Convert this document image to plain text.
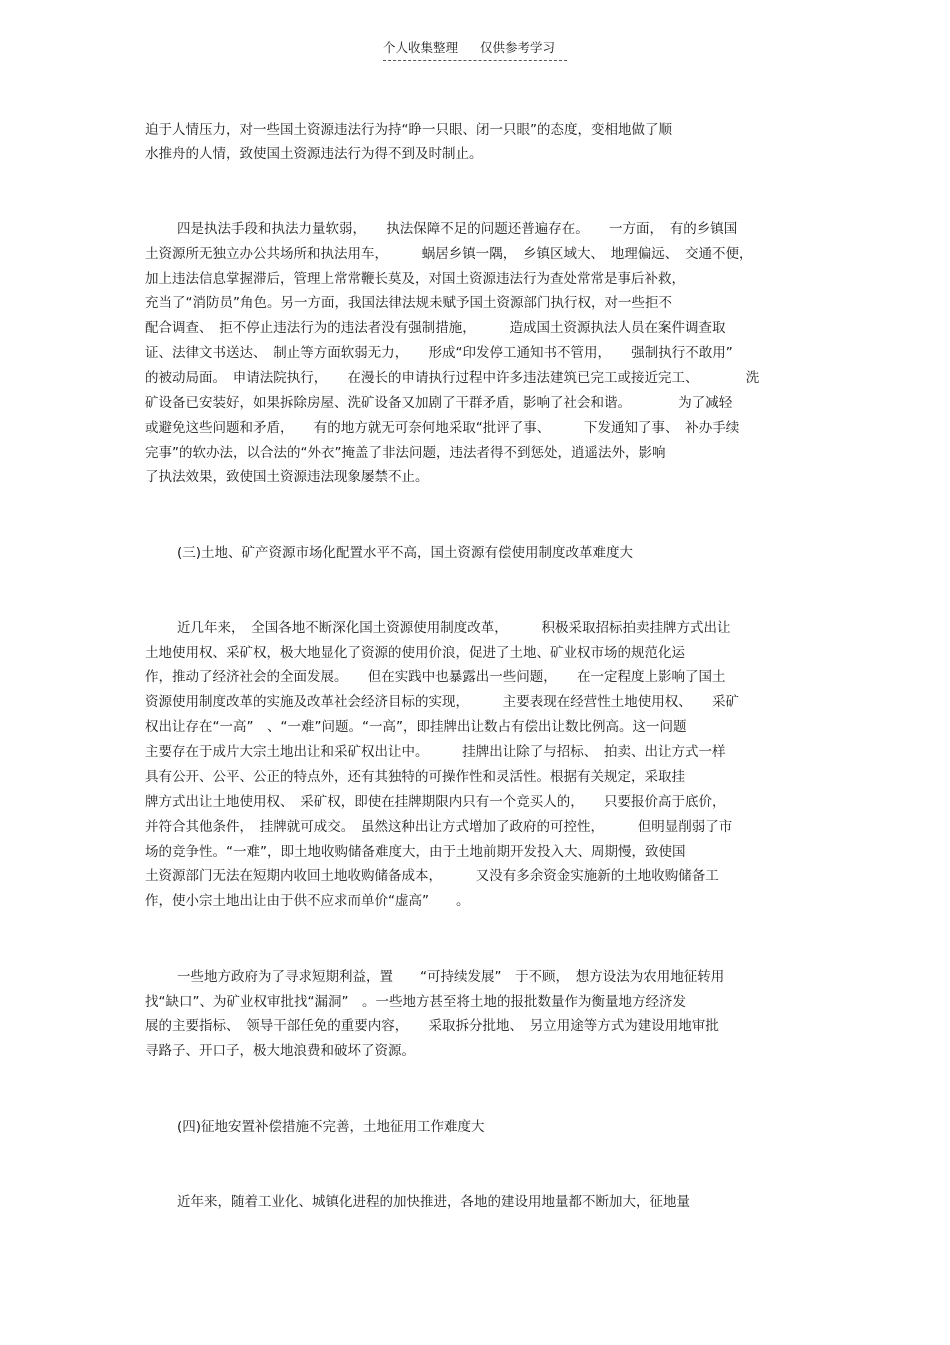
个人收集整理 仅供参考学习
迫于人情压力，对一些国土资源违法行为持“睁一只眼、闭一只眼”的态度，变相地做了顺
水推舟的人情，致使国土资源违法行为得不到及时制止。
四是执法手段和执法力量软弱，　　执法保障不足的问题还普遍存在。　　一方面，　有的乡镇国
土资源所无独立办公共场所和执法用车，　　　蜗居乡镇一隅，　乡镇区域大、　地理偏远、　交通不便，
加上违法信息掌握滞后，管理上常常鞭长莫及，对国土资源违法行为查处常常是事后补救，
充当了“消防员”角色。另一方面，我国法律法规未赋予国土资源部门执行权，对一些拒不
配合调查、　拒不停止违法行为的违法者没有强制措施，　　　造成国土资源执法人员在案件调查取
证、法律文书送达、　制止等方面软弱无力，　　形成“印发停工通知书不管用，　　强制执行不敢用”
的被动局面。　申请法院执行，　　在漫长的申请执行过程中许多违法建筑已完工或接近完工、　　　　洗
矿设备已安装好，如果拆除房屋、洗矿设备又加剧了干群矛盾，影响了社会和谐。　　　　为了减轻
或避免这些问题和矛盾，　　有的地方就无可奈何地采取“批评了事、　　　下发通知了事、　补办手续
完事”的软办法，以合法的“外衣”掩盖了非法问题，违法者得不到惩处，逍遥法外，影响
了执法效果，致使国土资源违法现象屡禁不止。
(三)土地、矿产资源市场化配置水平不高，国土资源有偿使用制度改革难度大
近几年来，　全国各地不断深化国土资源使用制度改革，　　　积极采取招标拍卖挂牌方式出让
土地使用权、采矿权，极大地显化了资源的使用价浪，促进了土地、矿业权市场的规范化运
作，推动了经济社会的全面发展。　　但在实践中也暴露出一些问题，　　在一定程度上影响了国土
资源使用制度改革的实施及改革社会经济目标的实现，　　　主要表现在经营性土地使用权、　　采矿
权出让存在“一高”　、“一难”问题。“一高”，即挂牌出让数占有偿出让数比例高。这一问题
主要存在于成片大宗土地出让和采矿权出让中。　　　挂牌出让除了与招标、　拍卖、出让方式一样
具有公开、公平、公正的特点外，还有其独特的可操作性和灵活性。根据有关规定，采取挂
牌方式出让土地使用权、　采矿权，即使在挂牌期限内只有一个竞买人的，　　只要报价高于底价，
并符合其他条件，　挂牌就可成交。　虽然这种出让方式增加了政府的可控性，　　　但明显削弱了市
场的竞争性。“一难”，即土地收购储备难度大，由于土地前期开发投入大、周期慢，致使国
土资源部门无法在短期内收回土地收购储备成本，　　　又没有多余资金实施新的土地收购储备工
作，使小宗土地出让由于供不应求而单价“虚高”　　。
一些地方政府为了寻求短期利益，置　　“可持续发展”　于不顾，　想方设法为农用地征转用
找“缺口”、为矿业权审批找“漏洞”　。一些地方甚至将土地的报批数量作为衡量地方经济发
展的主要指标、　领导干部任免的重要内容，　　采取拆分批地、　另立用途等方式为建设用地审批
寻路子、开口子，极大地浪费和破坏了资源。
(四)征地安置补偿措施不完善，土地征用工作难度大
近年来，随着工业化、城镇化进程的加快推进，各地的建设用地量都不断加大，征地量
